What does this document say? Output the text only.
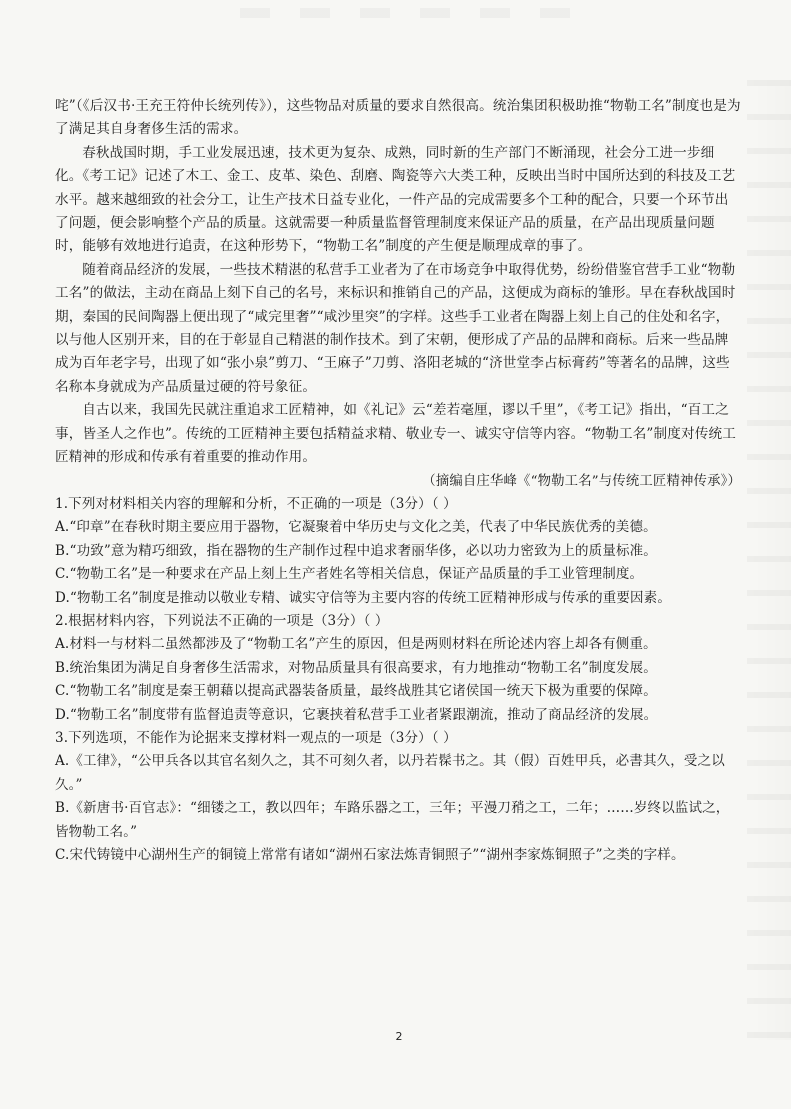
咤”（《后汉书·王充王符仲长统列传》），这些物品对质量的要求自然很高。统治集团积极助推“物勒工名”制度也是为了满足其自身奢侈生活的需求。

春秋战国时期，手工业发展迅速，技术更为复杂、成熟，同时新的生产部门不断涌现，社会分工进一步细化。《考工记》记述了木工、金工、皮革、染色、刮磨、陶瓷等六大类工种，反映出当时中国所达到的科技及工艺水平。越来越细致的社会分工，让生产技术日益专业化，一件产品的完成需要多个工种的配合，只要一个环节出了问题，便会影响整个产品的质量。这就需要一种质量监督管理制度来保证产品的质量，在产品出现质量问题时，能够有效地进行追责，在这种形势下，“物勒工名”制度的产生便是顺理成章的事了。

随着商品经济的发展，一些技术精湛的私营手工业者为了在市场竞争中取得优势，纷纷借鉴官营手工业“物勒工名”的做法，主动在商品上刻下自己的名号，来标识和推销自己的产品，这便成为商标的雏形。早在春秋战国时期，秦国的民间陶器上便出现了“咸完里奢”“咸沙里突”的字样。这些手工业者在陶器上刻上自己的住处和名字，以与他人区别开来，目的在于彰显自己精湛的制作技术。到了宋朝，便形成了产品的品牌和商标。后来一些品牌成为百年老字号，出现了如“张小泉”剪刀、“王麻子”刀剪、洛阳老城的“济世堂李占标膏药”等著名的品牌，这些名称本身就成为产品质量过硬的符号象征。

自古以来，我国先民就注重追求工匠精神，如《礼记》云“差若毫厘，谬以千里”，《考工记》指出，“百工之事，皆圣人之作也”。传统的工匠精神主要包括精益求精、敬业专一、诚实守信等内容。“物勒工名”制度对传统工匠精神的形成和传承有着重要的推动作用。

（摘编自庄华峰《“物勒工名”与传统工匠精神传承》）

1.下列对材料相关内容的理解和分析，不正确的一项是（3分）（ ）

A.“印章”在春秋时期主要应用于器物，它凝聚着中华历史与文化之美，代表了中华民族优秀的美德。

B.“功致”意为精巧细致，指在器物的生产制作过程中追求奢丽华侈，必以功力密致为上的质量标准。

C.“物勒工名”是一种要求在产品上刻上生产者姓名等相关信息，保证产品质量的手工业管理制度。

D.“物勒工名”制度是推动以敬业专精、诚实守信等为主要内容的传统工匠精神形成与传承的重要因素。

2.根据材料内容，下列说法不正确的一项是（3分）（ ）

A.材料一与材料二虽然都涉及了“物勒工名”产生的原因，但是两则材料在所论述内容上却各有侧重。

B.统治集团为满足自身奢侈生活需求，对物品质量具有很高要求，有力地推动“物勒工名”制度发展。

C.“物勒工名”制度是秦王朝藉以提高武器装备质量，最终战胜其它诸侯国一统天下极为重要的保障。

D.“物勒工名”制度带有监督追责等意识，它裹挟着私营手工业者紧跟潮流，推动了商品经济的发展。

3.下列选项，不能作为论据来支撑材料一观点的一项是（3分）（ ）

A.《工律》，“公甲兵各以其官名刻久之，其不可刻久者，以丹若髹书之。其（假）百姓甲兵，必書其久，受之以久。”

B.《新唐书·百官志》：“细镂之工，教以四年；车路乐器之工，三年；平漫刀矟之工，二年；……岁终以监试之，皆物勒工名。”

C.宋代铸镜中心湖州生产的铜镜上常常有诸如“湖州石家法炼青铜照子”“湖州李家炼铜照子”之类的字样。

2
